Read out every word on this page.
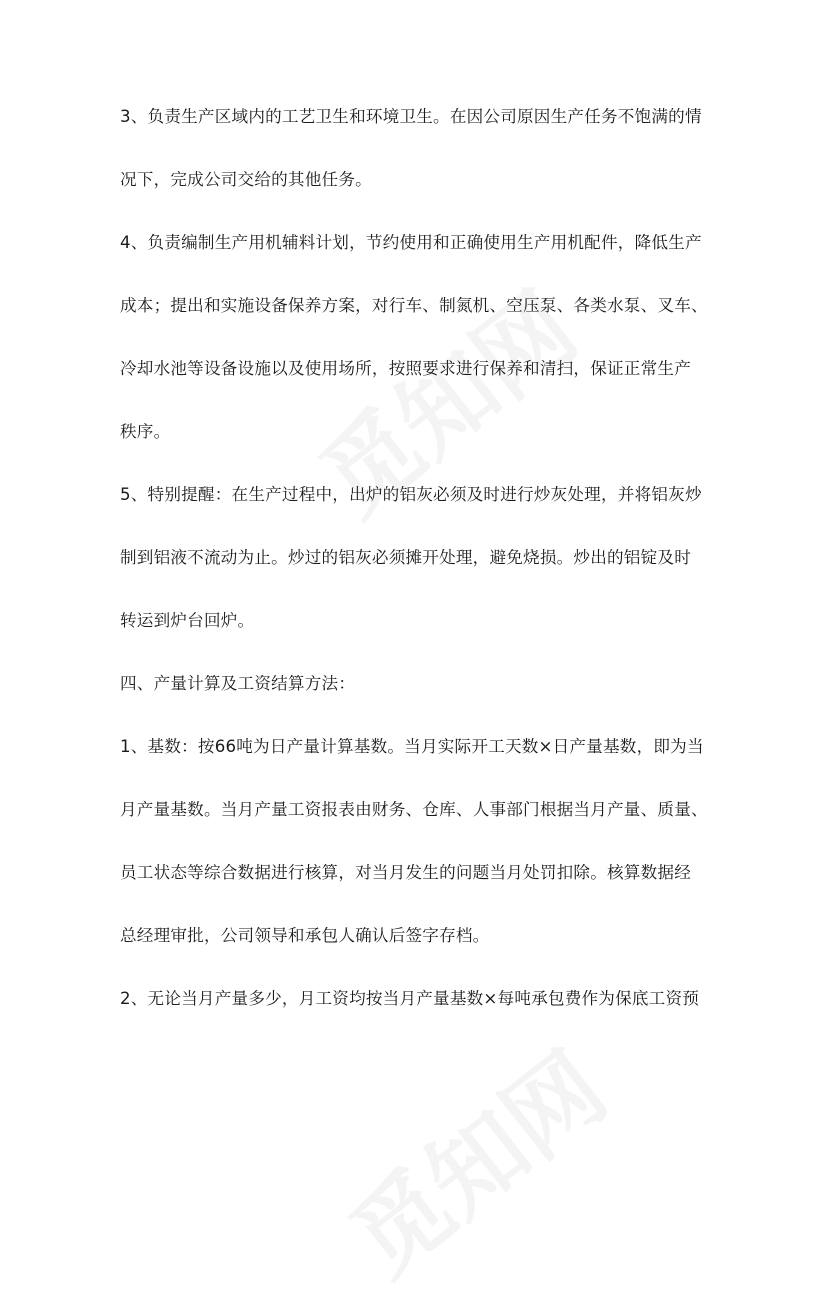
3、负责生产区域内的工艺卫生和环境卫生。在因公司原因生产任务不饱满的情
况下，完成公司交给的其他任务。
4、负责编制生产用机辅料计划，节约使用和正确使用生产用机配件，降低生产
成本；提出和实施设备保养方案，对行车、制氮机、空压泵、各类水泵、叉车、
冷却水池等设备设施以及使用场所，按照要求进行保养和清扫，保证正常生产
秩序。
5、特别提醒：在生产过程中，出炉的铝灰必须及时进行炒灰处理，并将铝灰炒
制到铝液不流动为止。炒过的铝灰必须摊开处理，避免烧损。炒出的铝锭及时
转运到炉台回炉。
四、产量计算及工资结算方法：
1、基数：按66吨为日产量计算基数。当月实际开工天数×日产量基数，即为当
月产量基数。当月产量工资报表由财务、仓库、人事部门根据当月产量、质量、
员工状态等综合数据进行核算，对当月发生的问题当月处罚扣除。核算数据经
总经理审批，公司领导和承包人确认后签字存档。
2、无论当月产量多少，月工资均按当月产量基数×每吨承包费作为保底工资预
